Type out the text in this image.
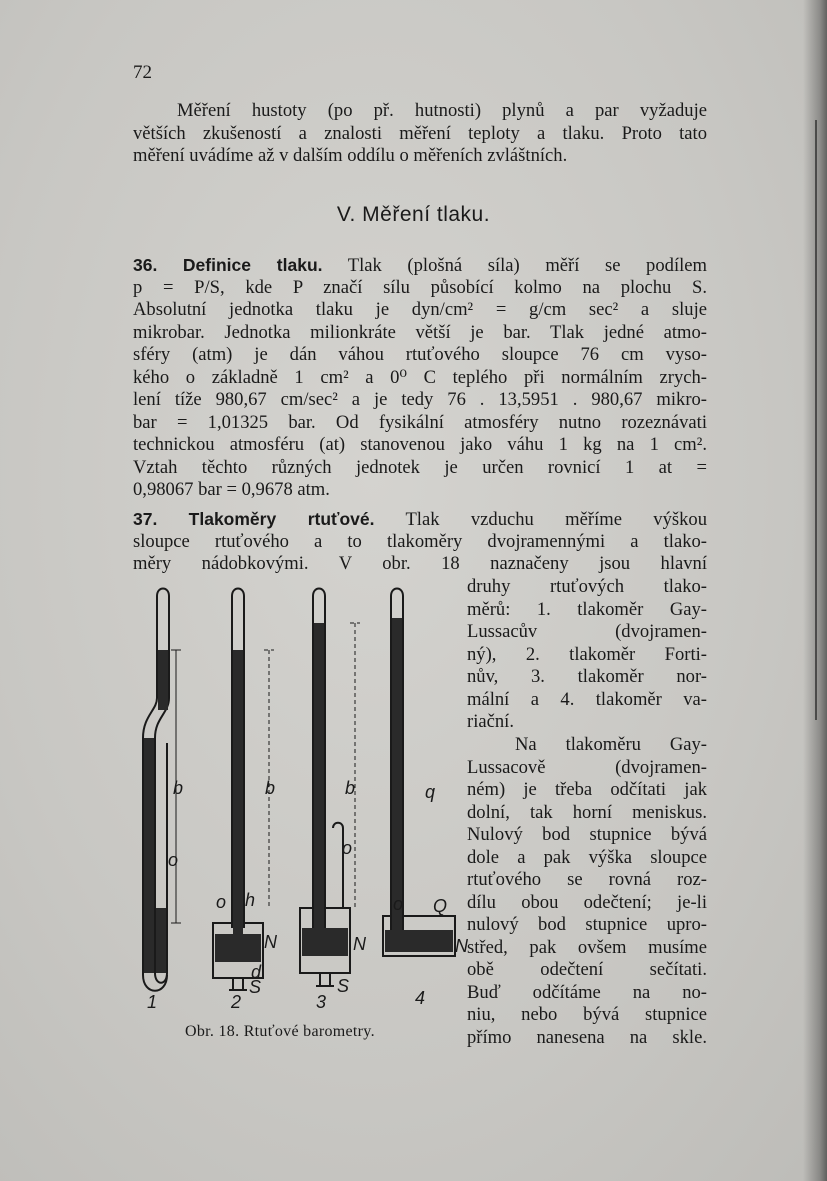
72
Měření hustoty (po př. hutnosti) plynů a par vyžaduje
větších zkušeností a znalosti měření teploty a tlaku. Proto tato
měření uvádíme až v dalším oddílu o měřeních zvláštních.
V. Měření tlaku.
36. Definice tlaku. Tlak (plošná síla) měří se podílem
p = P/S, kde P značí sílu působící kolmo na plochu S.
Absolutní jednotka tlaku je dyn/cm² = g/cm sec² a sluje
mikrobar. Jednotka milionkráte větší je bar. Tlak jedné atmo-
sféry (atm) je dán váhou rtuťového sloupce 76 cm vyso-
kého o základně 1 cm² a 0⁰ C teplého při normálním zrych-
lení tíže 980,67 cm/sec² a je tedy 76 . 13,5951 . 980,67 mikro-
bar = 1,01325 bar. Od fysikální atmosféry nutno rozeznávati
technickou atmosféru (at) stanovenou jako váhu 1 kg na 1 cm².
Vztah těchto různých jednotek je určen rovnicí 1 at =
0,98067 bar = 0,9678 atm.
37. Tlakoměry rtuťové. Tlak vzduchu měříme výškou
sloupce rtuťového a to tlakoměry dvojramennými a tlako-
měry nádobkovými. V obr. 18 naznačeny jsou hlavní
druhy rtuťových tlako-
měrů: 1. tlakoměr Gay-
Lussacův (dvojramen-
ný), 2. tlakoměr Forti-
nův, 3. tlakoměr nor-
mální a 4. tlakoměr va-
riační.
Na tlakoměru Gay-
Lussacově (dvojramen-
ném) je třeba odčítati jak
dolní, tak horní meniskus.
Nulový bod stupnice bývá
dole a pak výška sloupce
rtuťového se rovná roz-
dílu obou odečtení; je-li
nulový bod stupnice upro-
střed, pak ovšem musíme
obě odečtení sečítati.
Buď odčítáme na no-
niu, nebo bývá stupnice
přímo nanesena na skle.
b
o
b
o h
N
d
S
b
o
N
S
q
o Q
N
1	2	3	4
Obr. 18. Rtuťové barometry.
